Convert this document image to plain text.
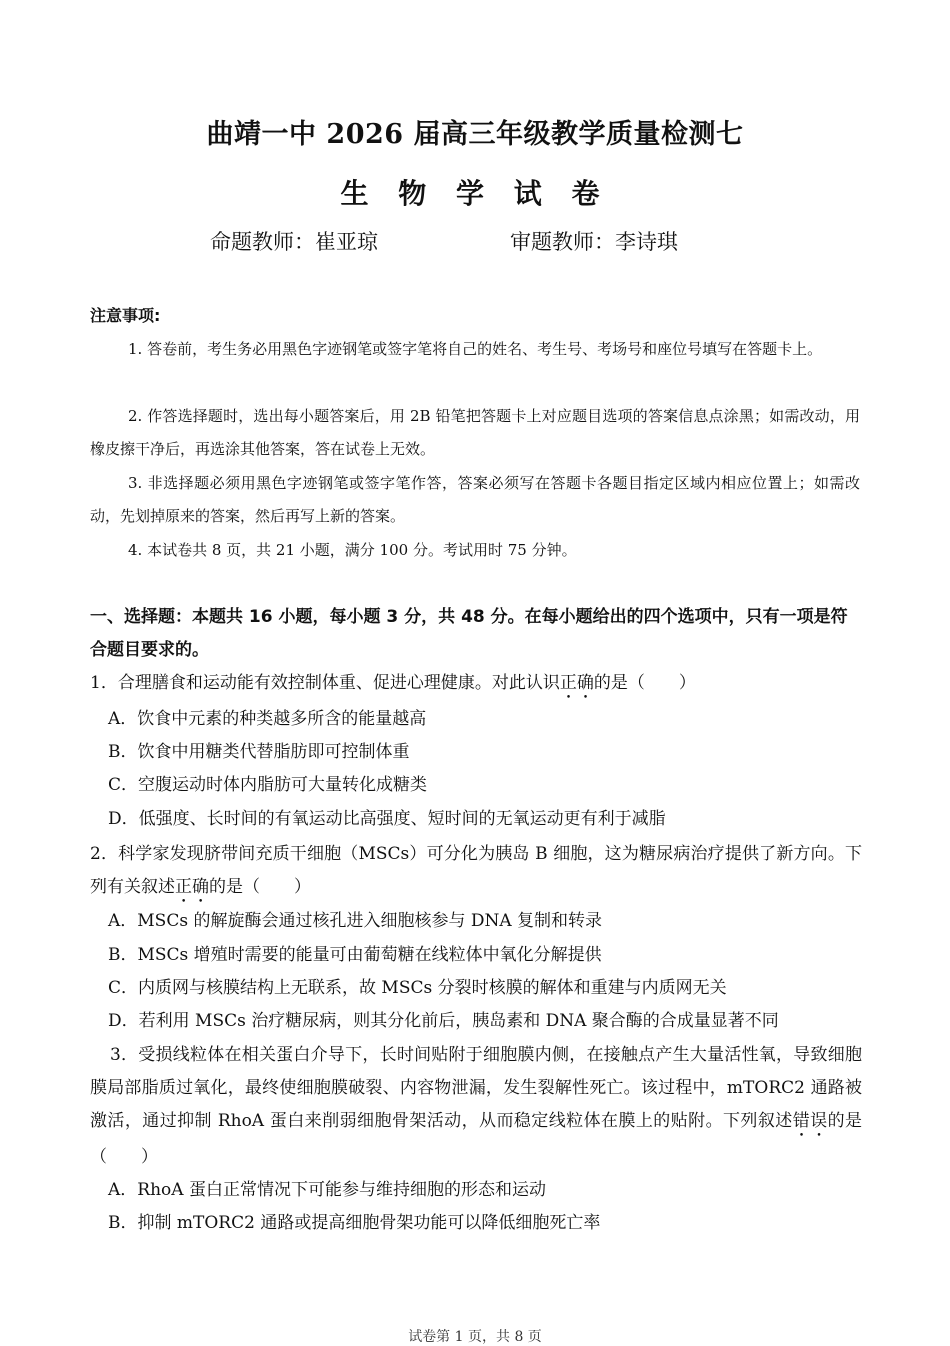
曲靖一中 2026 届高三年级教学质量检测七
生 物 学 试 卷
命题教师：崔亚琼	审题教师：李诗琪
注意事项:
1. 答卷前，考生务必用黑色字迹钢笔或签字笔将自己的姓名、考生号、考场号和座位号填写在答题卡上。
2. 作答选择题时，选出每小题答案后，用 2B 铅笔把答题卡上对应题目选项的答案信息点涂黑；如需改动，用橡皮擦干净后，再选涂其他答案，答在试卷上无效。
3. 非选择题必须用黑色字迹钢笔或签字笔作答，答案必须写在答题卡各题目指定区域内相应位置上；如需改动，先划掉原来的答案，然后再写上新的答案。
4. 本试卷共 8 页，共 21 小题，满分 100 分。考试用时 75 分钟。
一、选择题：本题共 16 小题，每小题 3 分，共 48 分。在每小题给出的四个选项中，只有一项是符合题目要求的。
1．合理膳食和运动能有效控制体重、促进心理健康。对此认识正确的是（　　）
A．饮食中元素的种类越多所含的能量越高
B．饮食中用糖类代替脂肪即可控制体重
C．空腹运动时体内脂肪可大量转化成糖类
D．低强度、长时间的有氧运动比高强度、短时间的无氧运动更有利于减脂
2．科学家发现脐带间充质干细胞（MSCs）可分化为胰岛 B 细胞，这为糖尿病治疗提供了新方向。下列有关叙述正确的是（　　）
A．MSCs 的解旋酶会通过核孔进入细胞核参与 DNA 复制和转录
B．MSCs 增殖时需要的能量可由葡萄糖在线粒体中氧化分解提供
C．内质网与核膜结构上无联系，故 MSCs 分裂时核膜的解体和重建与内质网无关
D．若利用 MSCs 治疗糖尿病，则其分化前后，胰岛素和 DNA 聚合酶的合成量显著不同
3．受损线粒体在相关蛋白介导下，长时间贴附于细胞膜内侧，在接触点产生大量活性氧，导致细胞膜局部脂质过氧化，最终使细胞膜破裂、内容物泄漏，发生裂解性死亡。该过程中，mTORC2 通路被激活，通过抑制 RhoA 蛋白来削弱细胞骨架活动，从而稳定线粒体在膜上的贴附。下列叙述错误的是（　　）
A．RhoA 蛋白正常情况下可能参与维持细胞的形态和运动
B．抑制 mTORC2 通路或提高细胞骨架功能可以降低细胞死亡率
试卷第 1 页，共 8 页
